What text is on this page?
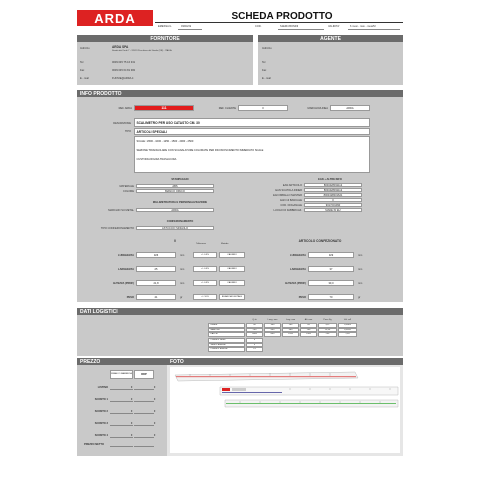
ARDA	SCHEDA PRODOTTO
EMESSA IL	03/04/19	COD.	S1EM4 BONINI	VALIDITA'	6 mesi - max - mesi/M
FORNITORE
Indirizzo	ARDA SPA
Strada dei Frutti 7 - 37019 Peschiera del Garda (VR) - ITALIA
Tel	0039 045 75 16 331
Fax	0039 045 64 81 382
E - mail	FUNVIE@ARDA.it
AGENTE
Indirizzo
Tel
Fax
E - mail
INFO PRODOTTO
REF. ARDA	111	REF. CLIENTE	0	MARCHIO/LINEA	ARDA
DESCRIZIONE	SCALIMETRO PER USO CATASTO CM. 30
TIPO	ARTICOLI SPECIALI
SCALE: 1/500 - 1000 - 1250 - 1500 - 2000 - 2500
SEZIONE TRIANGOLARE CON SCANALATURE COLORATE PER RICONOSCIMENTO IMMEDIATO SCALE
CUSTODIA RIGIDA TRASLUCIDA
STAMPAGGIO
MATERIALE	ABS
COLORE	BIANCO OPACO
MILLIMETRATURA E PERSONALIZZAZIONE
MARCHIO SU METAL	ARDA
CONFEZIONAMENTO
TIPO CONFEZIONAMENTO	ASTUCCIO SINGOLO
EAN + ALTRE INFO
0
Tolleranze	Metodo
ARTICOLO CONFEZIONATO
DATI LOGISTICI
PREZZO
FRANCO FABBRICA	DDP
PREZZO NETTO
FOTO
EAN ARTICOLO	8003428031112
EAN SCATOLA INNER	8003428031112
EAN IMBALLO MASTER	8003428031621
EAN 13 BANCALE	0
COD. DOGANALE	9017201090
LUOGO DI FABBRICAZ.	MADE IN EU
LUNGHEZZA	326	mm	+/- 0.5%	CALIBRO
LARGHEZZA	25	mm	+/- 0.5%	CALIBRO
ALTEZZA (PROF)	21,8	mm	+/- 0.5%	CALIBRO
PESO	41	gr	+/- 10%	BILANCIA DIGITALE
LUNGHEZZA	329	mm
LARGHEZZA	37	mm
ALTEZZA (PROF)	30,0	mm
PESO	70	gr
Q.tà	Lung. mm	Larg. mm	Alt. mm	Peso Kg	Vol. m3
INNER	50	340	195	95	3,57	0,0063
MASTER	200	400	360	198	15,56	0,0285
PALLET	3000	800	1200	1300	234	1,44
Cartoni x strato	3
Strati x bancale	5
Cartoni x bancale	15
LISTINO	€	€
SCONTO 1	€	€
SCONTO 2	€	€
SCONTO 3	€	€
SCONTO 4	€	€
